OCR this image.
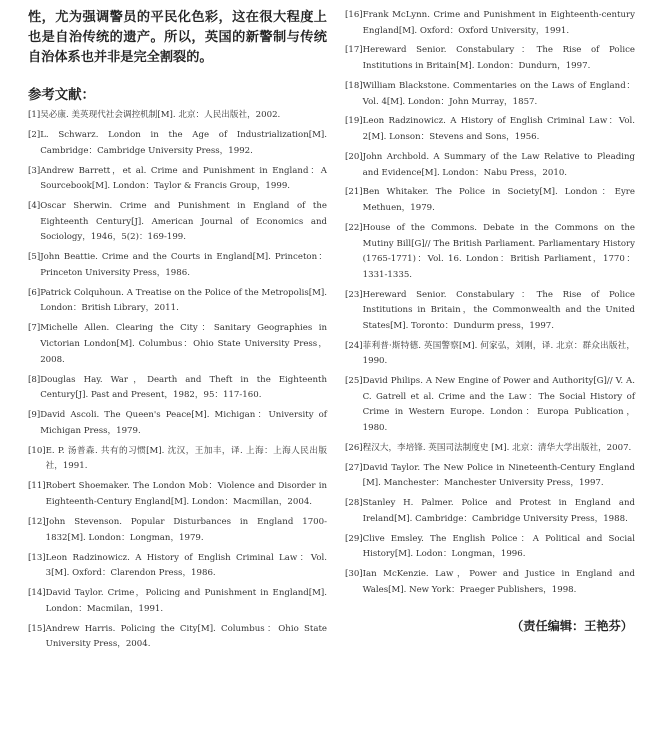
性，尤为强调警员的平民化色彩，这在很大程度上也是自治传统的遗产。所以，英国的新警制与传统自治体系也并非是完全割裂的。

参考文献：
[1] 吴必康. 美英现代社会调控机制[M]. 北京：人民出版社，2002.
[2] L. Schwarz. London in the Age of Industrialization[M]. Cambridge：Cambridge University Press，1992.
[3] Andrew Barrett，et al. Crime and Punishment in England：A Sourcebook[M]. London：Taylor & Francis Group，1999.
[4] Oscar Sherwin. Crime and Punishment in England of the Eighteenth Century[J]. American Journal of Economics and Sociology，1946，5(2)：169-199.
[5] John Beattie. Crime and the Courts in England[M]. Princeton：Princeton University Press，1986.
[6] Patrick Colquhoun. A Treatise on the Police of the Metropolis[M]. London：British Library，2011.
[7] Michelle Allen. Clearing the City：Sanitary Geographies in Victorian London[M]. Columbus：Ohio State University Press，2008.
[8] Douglas Hay. War，Dearth and Theft in the Eighteenth Century[J]. Past and Present，1982，95：117-160.
[9] David Ascoli. The Queen's Peace[M]. Michigan：University of Michigan Press，1979.
[10] E. P. 汤普森. 共有的习惯[M]. 沈汉，王加丰，译. 上海：上海人民出版社，1991.
[11] Robert Shoemaker. The London Mob：Violence and Disorder in Eighteenth-Century England[M]. London：Macmillan，2004.
[12] John Stevenson. Popular Disturbances in England 1700-1832[M]. London：Longman，1979.
[13] Leon Radzinowicz. A History of English Criminal Law：Vol. 3[M]. Oxford：Clarendon Press，1986.
[14] David Taylor. Crime，Policing and Punishment in England[M]. London：Macmilan，1991.
[15] Andrew Harris. Policing the City[M]. Columbus：Ohio State University Press，2004.
[16] Frank McLynn. Crime and Punishment in Eighteenth-century England[M]. Oxford：Oxford University，1991.
[17] Hereward Senior. Constabulary：The Rise of Police Institutions in Britain[M]. London：Dundurn，1997.
[18] William Blackstone. Commentaries on the Laws of England：Vol. 4[M]. London：John Murray，1857.
[19] Leon Radzinowicz. A History of English Criminal Law：Vol. 2[M]. Lonson：Stevens and Sons，1956.
[20] John Archbold. A Summary of the Law Relative to Pleading and Evidence[M]. London：Nabu Press，2010.
[21] Ben Whitaker. The Police in Society[M]. London：Eyre Methuen，1979.
[22] House of the Commons. Debate in the Commons on the Mutiny Bill[G]// The British Parliament. Parliamentary History (1765-1771)：Vol. 16. London：British Parliament，1770：1331-1335.
[23] Hereward Senior. Constabulary：The Rise of Police Institutions in Britain，the Commonwealth and the United States[M]. Toronto：Dundurm press，1997.
[24] 菲利普·斯特德. 英国警察[M]. 何家弘，刘刚，译. 北京：群众出版社，1990.
[25] David Philips. A New Engine of Power and Authority[G]// V. A. C. Gatrell et al. Crime and the Law：The Social History of Crime in Western Europe. London：Europa Publication，1980.
[26] 程汉大，李培锋. 英国司法制度史 [M]. 北京：清华大学出版社，2007.
[27] David Taylor. The New Police in Nineteenth-Century England [M]. Manchester：Manchester University Press，1997.
[28] Stanley H. Palmer. Police and Protest in England and Ireland[M]. Cambridge：Cambridge University Press，1988.
[29] Clive Emsley. The English Police：A Political and Social History[M]. Lodon：Longman，1996.
[30] Ian McKenzie. Law，Power and Justice in England and Wales[M]. New York：Praeger Publishers，1998.
（责任编辑：王艳芬）
